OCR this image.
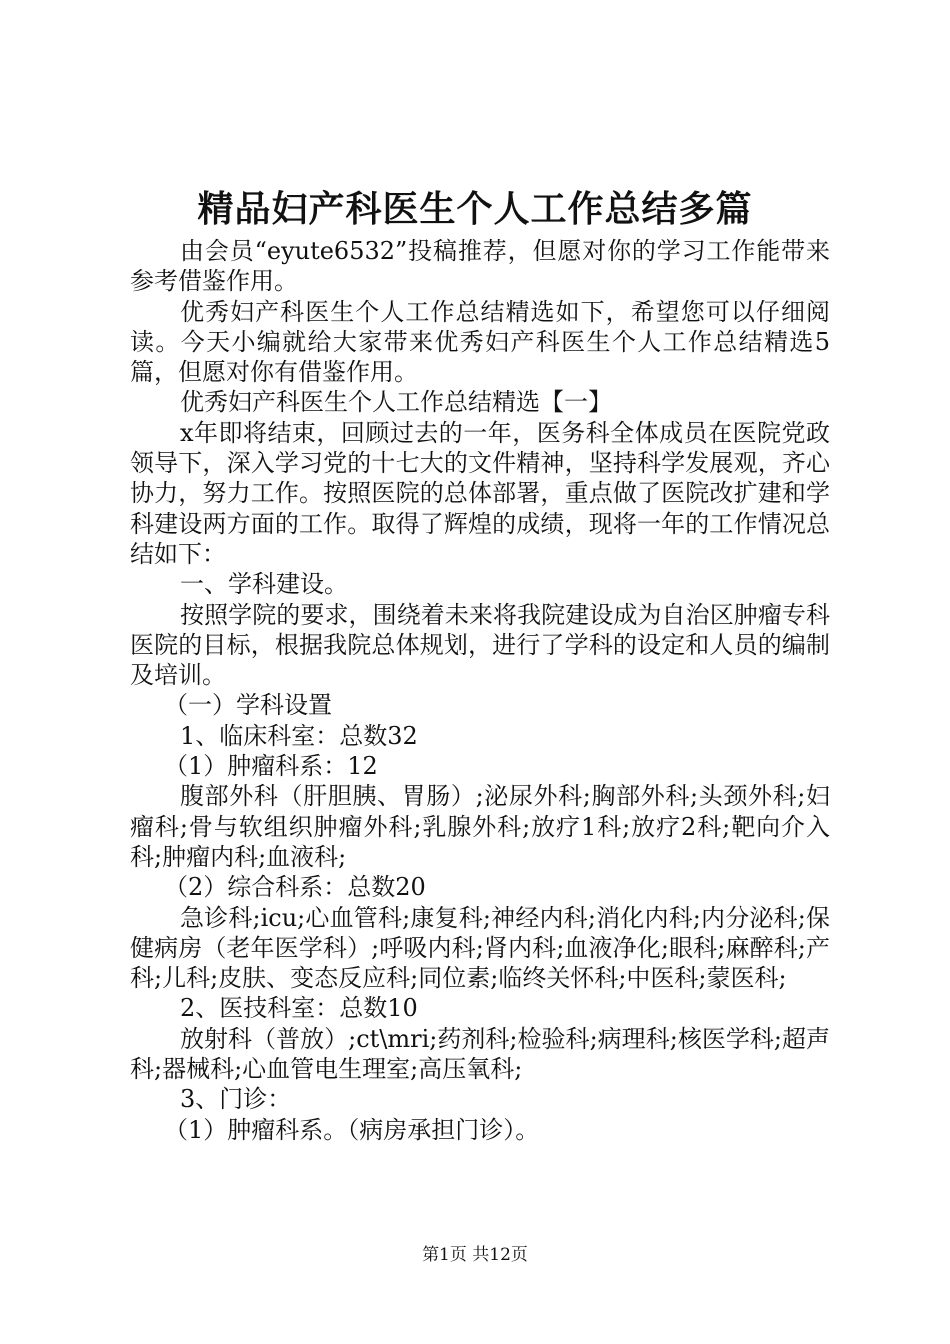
精品妇产科医生个人工作总结多篇

由会员“eyute6532”投稿推荐，但愿对你的学习工作能带来参考借鉴作用。

优秀妇产科医生个人工作总结精选如下，希望您可以仔细阅读。今天小编就给大家带来优秀妇产科医生个人工作总结精选5篇，但愿对你有借鉴作用。

优秀妇产科医生个人工作总结精选【一】

x年即将结束，回顾过去的一年，医务科全体成员在医院党政领导下，深入学习党的十七大的文件精神，坚持科学发展观，齐心协力，努力工作。按照医院的总体部署，重点做了医院改扩建和学科建设两方面的工作。取得了辉煌的成绩，现将一年的工作情况总结如下：

一、学科建设。

按照学院的要求，围绕着未来将我院建设成为自治区肿瘤专科医院的目标，根据我院总体规划，进行了学科的设定和人员的编制及培训。

（一）学科设置

1、临床科室：总数32

（1）肿瘤科系：12

腹部外科（肝胆胰、胃肠）;泌尿外科;胸部外科;头颈外科;妇瘤科;骨与软组织肿瘤外科;乳腺外科;放疗1科;放疗2科;靶向介入科;肿瘤内科;血液科;

（2）综合科系：总数20

急诊科;icu;心血管科;康复科;神经内科;消化内科;内分泌科;保健病房（老年医学科）;呼吸内科;肾内科;血液净化;眼科;麻醉科;产科;儿科;皮肤、变态反应科;同位素;临终关怀科;中医科;蒙医科;

2、医技科室：总数10

放射科（普放）;ct\mri;药剂科;检验科;病理科;核医学科;超声科;器械科;心血管电生理室;高压氧科;

3、门诊：

（1）肿瘤科系。（病房承担门诊）。

第1页 共12页
